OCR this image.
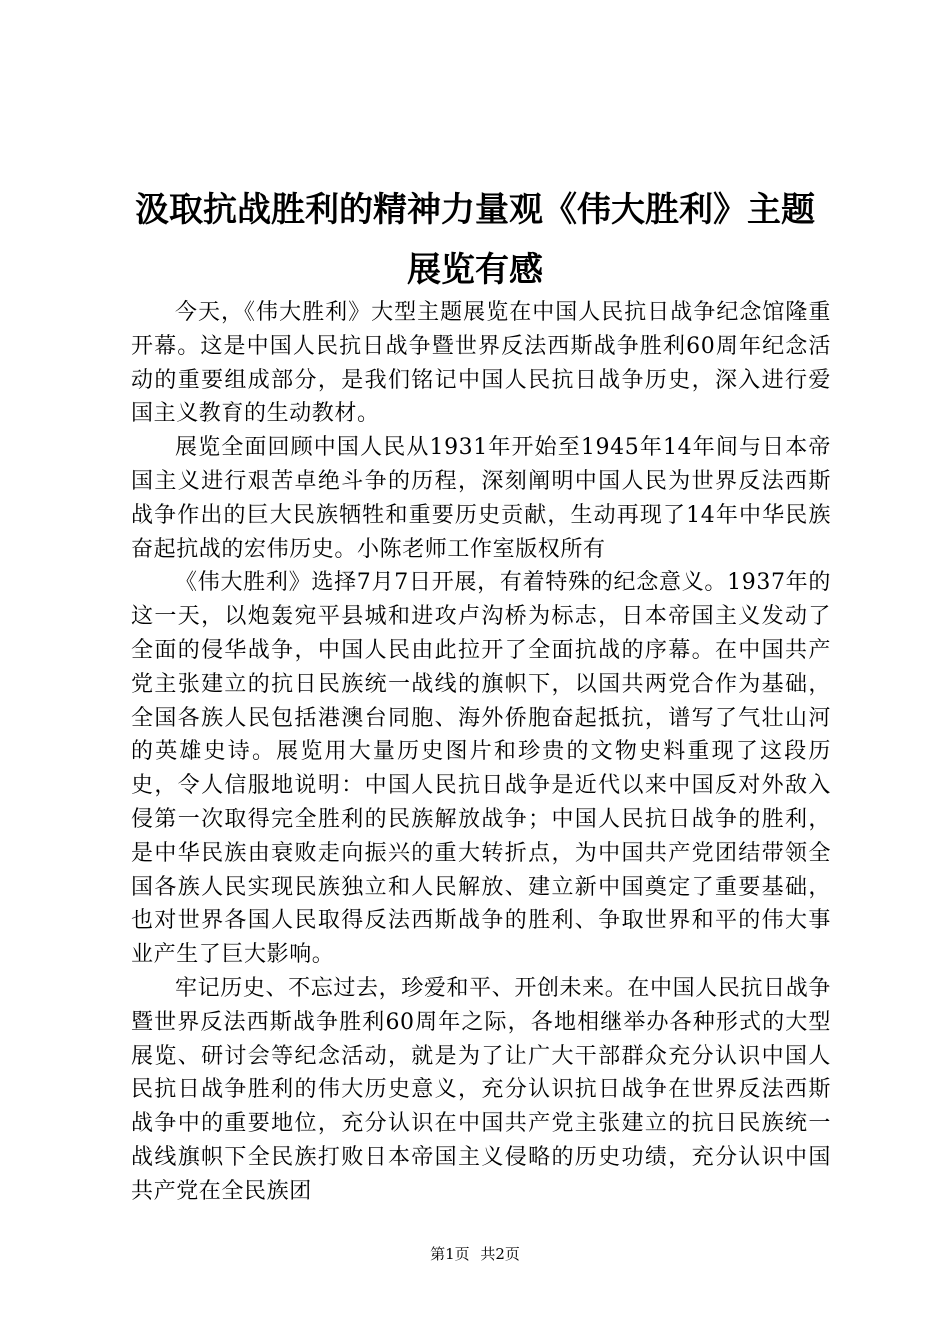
汲取抗战胜利的精神力量观《伟大胜利》主题
展览有感

今天，《伟大胜利》大型主题展览在中国人民抗日战争纪念馆隆重开幕。这是中国人民抗日战争暨世界反法西斯战争胜利60周年纪念活动的重要组成部分，是我们铭记中国人民抗日战争历史，深入进行爱国主义教育的生动教材。

展览全面回顾中国人民从1931年开始至1945年14年间与日本帝国主义进行艰苦卓绝斗争的历程，深刻阐明中国人民为世界反法西斯战争作出的巨大民族牺牲和重要历史贡献，生动再现了14年中华民族奋起抗战的宏伟历史。小陈老师工作室版权所有

《伟大胜利》选择7月7日开展，有着特殊的纪念意义。1937年的这一天，以炮轰宛平县城和进攻卢沟桥为标志，日本帝国主义发动了全面的侵华战争，中国人民由此拉开了全面抗战的序幕。在中国共产党主张建立的抗日民族统一战线的旗帜下，以国共两党合作为基础，全国各族人民包括港澳台同胞、海外侨胞奋起抵抗，谱写了气壮山河的英雄史诗。展览用大量历史图片和珍贵的文物史料重现了这段历史，令人信服地说明：中国人民抗日战争是近代以来中国反对外敌入侵第一次取得完全胜利的民族解放战争；中国人民抗日战争的胜利，是中华民族由衰败走向振兴的重大转折点，为中国共产党团结带领全国各族人民实现民族独立和人民解放、建立新中国奠定了重要基础，也对世界各国人民取得反法西斯战争的胜利、争取世界和平的伟大事业产生了巨大影响。

牢记历史、不忘过去，珍爱和平、开创未来。在中国人民抗日战争暨世界反法西斯战争胜利60周年之际，各地相继举办各种形式的大型展览、研讨会等纪念活动，就是为了让广大干部群众充分认识中国人民抗日战争胜利的伟大历史意义，充分认识抗日战争在世界反法西斯战争中的重要地位，充分认识在中国共产党主张建立的抗日民族统一战线旗帜下全民族打败日本帝国主义侵略的历史功绩，充分认识中国共产党在全民族团

第1页 共2页
